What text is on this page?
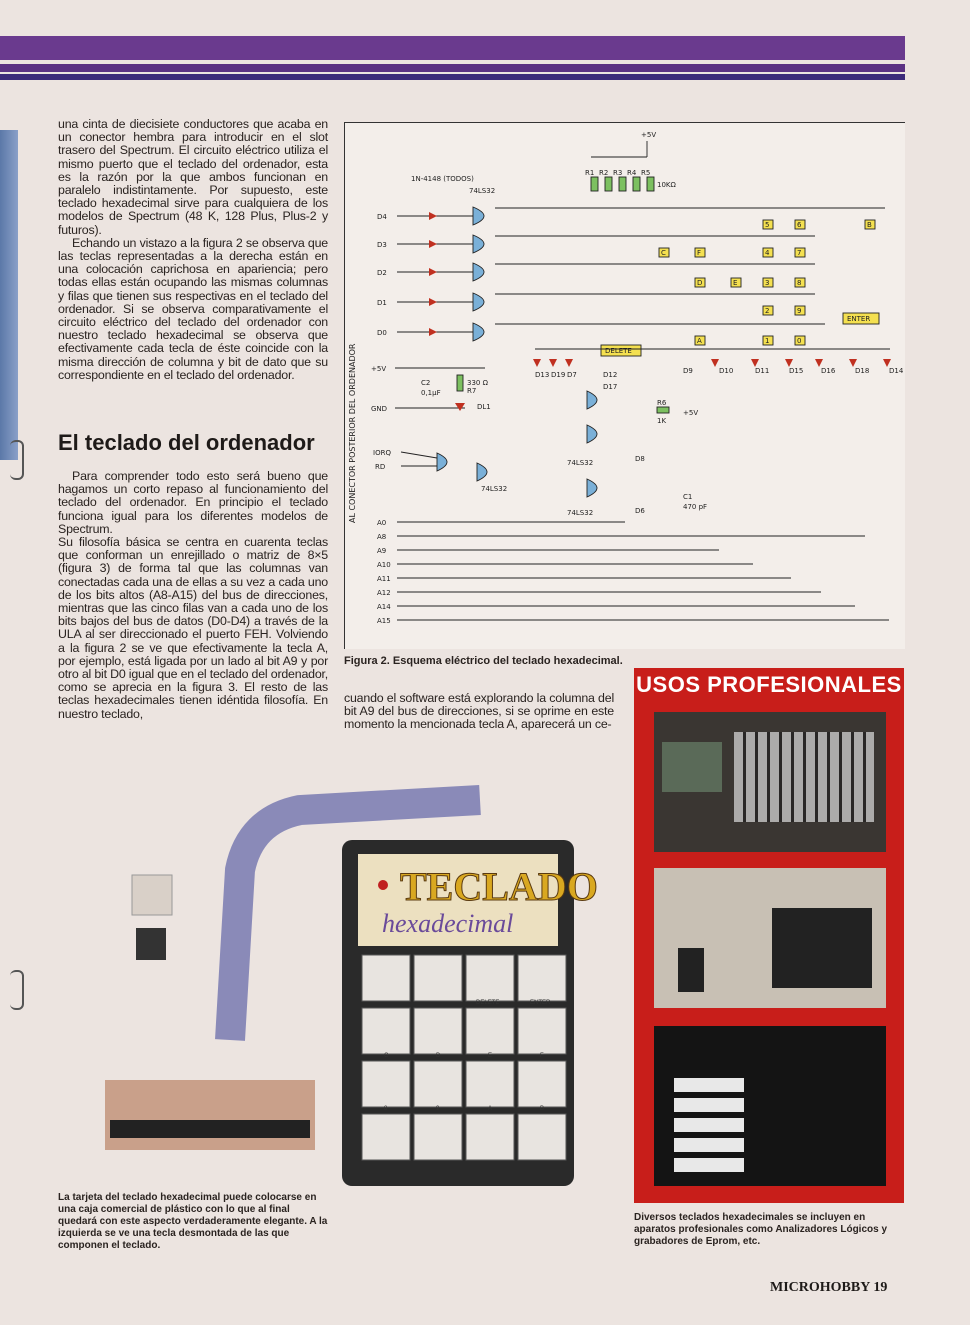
una cinta de diecisiete conductores que acaba en un conector hembra para introducir en el slot trasero del Spectrum. El circuito eléctrico utiliza el mismo puerto que el teclado del ordenador, esta es la razón por la que ambos funcionan en paralelo indistintamente. Por supuesto, este teclado hexadecimal sirve para cualquiera de los modelos de Spectrum (48 K, 128 Plus, Plus-2 y futuros).

Echando un vistazo a la figura 2 se observa que las teclas representadas a la derecha están en una colocación caprichosa en apariencia; pero todas ellas están ocupando las mismas columnas y filas que tienen sus respectivas en el teclado del ordenador. Si se observa comparativamente el circuito eléctrico del teclado del ordenador con nuestro teclado hexadecimal se observa que efectivamente cada tecla de éste coincide con la misma dirección de columna y bit de dato que su correspondiente en el teclado del ordenador.

El teclado del ordenador

Para comprender todo esto será bueno que hagamos un corto repaso al funcionamiento del teclado del ordenador. En principio el teclado funciona igual para los diferentes modelos de Spectrum.

Su filosofía básica se centra en cuarenta teclas que conforman un enrejillado o matriz de 8×5 (figura 3) de forma tal que las columnas van conectadas cada una de ellas a su vez a cada uno de los bits altos (A8-A15) del bus de direcciones, mientras que las cinco filas van a cada uno de los bits bajos del bus de datos (D0-D4) a través de la ULA al ser direccionado el puerto FEH. Volviendo a la figura 2 se ve que efectivamente la tecla A, por ejemplo, está ligada por un lado al bit A9 y por otro al bit D0 igual que en el teclado del ordenador, como se aprecia en la figura 3. El resto de las teclas hexadecimales tienen idéntida filosofía. En nuestro teclado,

cuando el software está explorando la columna del bit A9 del bus de direcciones, si se oprime en este momento la mencionada tecla A, aparecerá un ce-

AL CONECTOR POSTERIOR DEL ORDENADOR
1N-4148 (TODOS)
74LS32
+5V
D4
D3
D2
D1
D0
R1 R2 R3 R4 R5
10KΩ
5	6	B
C	F	4	7
D	E	3	8
2	9
A	1	0
ENTER
DELETE
D13 D19 D7	D12
D17
D9	D10	D11	D15	D16	D18	D14
D8
D6
+5V
GND
IORQ
RD
C2
0,1µF
330 Ω
R7
DL1
74LS32
74LS32
74LS32
R6
1K
+5V
C1
470 pF
A0
A8
A9
A10
A11
A12
A14
A15
Figura 2. Esquema eléctrico del teclado hexadecimal.
USOS PROFESIONALES
Diversos teclados hexadecimales se incluyen en aparatos profesionales como Analizadores Lógicos y grabadores de Eprom, etc.
TECLADO
hexadecimal
DELETE	ENTER
C	D	E	F
8	9	A	B
La tarjeta del teclado hexadecimal puede colocarse en una caja comercial de plástico con lo que al final quedará con este aspecto verdaderamente elegante. A la izquierda se ve una tecla desmontada de las que componen el teclado.
MICROHOBBY 19
